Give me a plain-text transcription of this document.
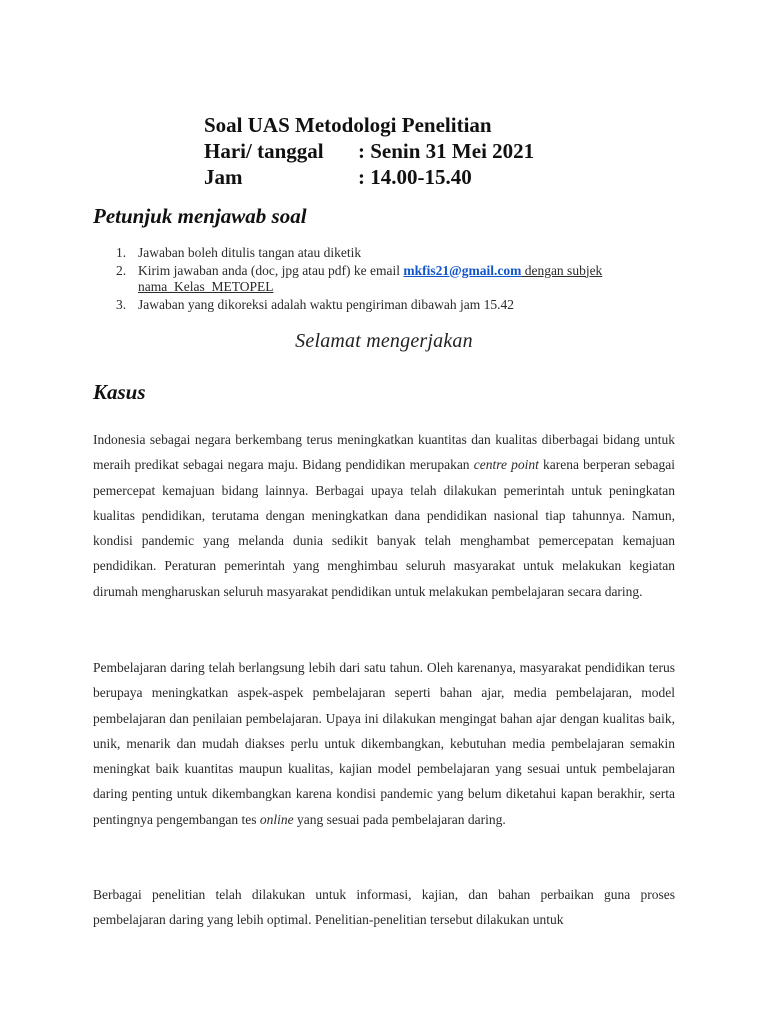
Soal UAS Metodologi Penelitian
Hari/ tanggal	: Senin 31 Mei 2021
Jam	: 14.00-15.40
Petunjuk menjawab soal
1. Jawaban boleh ditulis tangan atau diketik
2. Kirim jawaban anda (doc, jpg atau pdf) ke email mkfis21@gmail.com dengan subjek nama_Kelas_METOPEL
3. Jawaban yang dikoreksi adalah waktu pengiriman dibawah jam 15.42

Selamat mengerjakan

Kasus

Indonesia sebagai negara berkembang terus meningkatkan kuantitas dan kualitas diberbagai bidang untuk meraih predikat sebagai negara maju. Bidang pendidikan merupakan centre point karena berperan sebagai pemercepat kemajuan bidang lainnya. Berbagai upaya telah dilakukan pemerintah untuk peningkatan kualitas pendidikan, terutama dengan meningkatkan dana pendidikan nasional tiap tahunnya. Namun, kondisi pandemic yang melanda dunia sedikit banyak telah menghambat pemercepatan kemajuan pendidikan. Peraturan pemerintah yang menghimbau seluruh masyarakat untuk melakukan kegiatan dirumah mengharuskan seluruh masyarakat pendidikan untuk melakukan pembelajaran secara daring.

Pembelajaran daring telah berlangsung lebih dari satu tahun. Oleh karenanya, masyarakat pendidikan terus berupaya meningkatkan aspek-aspek pembelajaran seperti bahan ajar, media pembelajaran, model pembelajaran dan penilaian pembelajaran. Upaya ini dilakukan mengingat bahan ajar dengan kualitas baik, unik, menarik dan mudah diakses perlu untuk dikembangkan, kebutuhan media pembelajaran semakin meningkat baik kuantitas maupun kualitas, kajian model pembelajaran yang sesuai untuk pembelajaran daring penting untuk dikembangkan karena kondisi pandemic yang belum diketahui kapan berakhir, serta pentingnya pengembangan tes online yang sesuai pada pembelajaran daring.

Berbagai penelitian telah dilakukan untuk informasi, kajian, dan bahan perbaikan guna proses pembelajaran daring yang lebih optimal. Penelitian-penelitian tersebut dilakukan untuk
